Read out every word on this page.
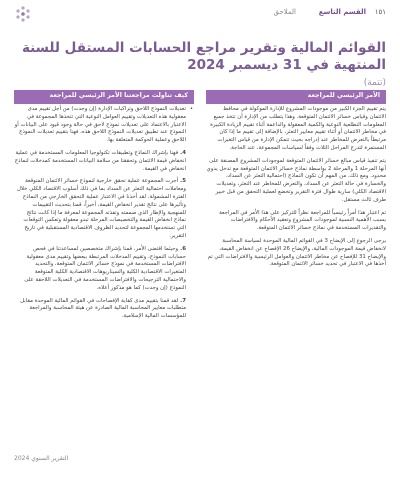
١٥١
القسم التاسع
الملاحق
القوائم المالية وتقرير مراجع الحسابات المستقل للسنة المنتهية في 31 ديسمبر 2024
(تتمة)
الأمر الرئيسي للمراجعة
كيف تناولت مراجعتنا الأمر الرئيسي للمراجعة

يتم تقييم الجزء الكبير من موجودات المشروع للإدارة الموكولة في محافظ الائتمان وقياس خسائر الائتمان المتوقعة. وهذا يتطلب من الإدارة أن تتخذ جميع المعلومات التطلعية النوعية والكمية المعقولة والداعمة أثناء تقييم الزيادة الكبيرة في مخاطر الائتمان أو أثناء تقييم معايير التعثر، بالإضافة إلى تقييم ما إذا كان مرتبطاً بالتعرض للمخاطر عند إدراجه بحيث تتمكن الإدارة من قياس التغيرات المستمرة لتدرج المراحل الثلاث وفقاً لسياسات المجموعة، عند الحاجة.

يتم تنفيذ قياس مبالغ خسائر الائتمان المتوقعة لموجودات المشروع المصنفة على أنها المرحلة 1 والمرحلة 2 بواسطة نماذج خسائر الائتمان المتوقعة مع تدخل يدوي محدود. ومع ذلك، من المهم أن تكون النماذج (احتمالية التعثر عن السداد، والخسارة في حالة التعثر عن السداد، والتعرض للمخاطر عند التعثر، وتعديلات الاقتصاد الكلي) سارية طوال فترة التقرير وتخضع لعملية التحقق من قبل خبير طرف ثالث مستقل.

تم اعتبار هذا أمراً رئيسياً للمراجعة نظراً للتركيز على هذا الأمر في المراجعة بسبب الأهمية النسبية لموجودات المشروع وتعقيد الأحكام والافتراضات والتقديرات المستخدمة في نماذج خسائر الائتمان المتوقعة.

يرجى الرجوع إلى الإيضاح 3 في القوائم المالية الموحدة لسياسة المحاسبة لانخفاض قيمة الموجودات المالية، والإيضاح 26 الإفصاح عن انخفاض القيمة، والإيضاح 31 للإفصاح عن مخاطر الائتمان والعوامل الرئيسية والافتراضات التي تم أخذها في الاعتبار في تحديد خسائر الائتمان المتوقعة.

• تعديلات النموذج اللاحق وتراكبات الإدارة (إن وجدت) من أجل تقييم مدى معقولية هذه التعديلات وتقييم العوامل النوعية التي تتخذها المجموعة في الاعتبار بالاعتماد على تعديلات نموذج لاحق في حالة وجود قيود على البيانات أو النموذج عند تطبيق تعديلات النموذج اللاحق هذه، فهنا بتقييم تعديلات النموذج اللاحق وعملية الحوكمة المتعلقة بها.
4.فهنا بإشراك النماذج وتطبيقات تكنولوجيا المعلومات المستخدمة في عملية انخفاض قيمة الائتمان وتحققنا من سلامة البيانات المستخدمة كمدخلات لنماذج انخفاض في القيمة.
5.أجرت المجموعة عملية تحقق خارجية لنموذج خسائر الائتمان المتوقعة ومعاملات احتمالية التعثر عن السداد بما في ذلك أسلوب الاقتصاد الكلي خلال الفترة المشمولة. لقد أخذنا في الاعتبار عملية التحقق الخارجي من النماذج وتأثيرها على نتائج تقدير انخفاض القيمة، أخيراً، قمنا بتحديث التقييمات للمنهجية والإطار الذي صممته وتفذته المجموعة لمعرفة ما إذا كانت نتائج نماذج انخفاض القيمة والتخصيصات المرحلة تبدو معقولة وتعكس التوقعات التي تستخدمها المجموعة لتحديد الظروف الاقتصادية المستقبلية في تاريخ التقرير.
6.وحيثما اقتضى الأمر، قمنا بإشراك متخصصين لمساعدتنا في فحص حسابات النموذج، وتقييم المدخلات المرتبطة ببعضها وتقييم مدى معقولية الافتراضات المستخدمة في نموذج خسائر الائتمان المتوقعة، والتحديد المتغيرات الاقتصادية الكلية والسيناريوهات الاقتصادية الكلية المتوقعة والاحتمالية الترجيحات والافتراضات المستخدمة في التعديلات اللاحقة على النموذج (إن وجدت) كما هو مذكور أعلاه.
7.لقد قمنا بتقييم مدى كفاية الإفصاحات في القوائم المالية الموحدة مقابل متطلبات معايير المحاسبة المالية الصادرة عن هيئة المحاسبة والمراجعة للمؤسسات المالية الإسلامية.
التقرير السنوي 2024
